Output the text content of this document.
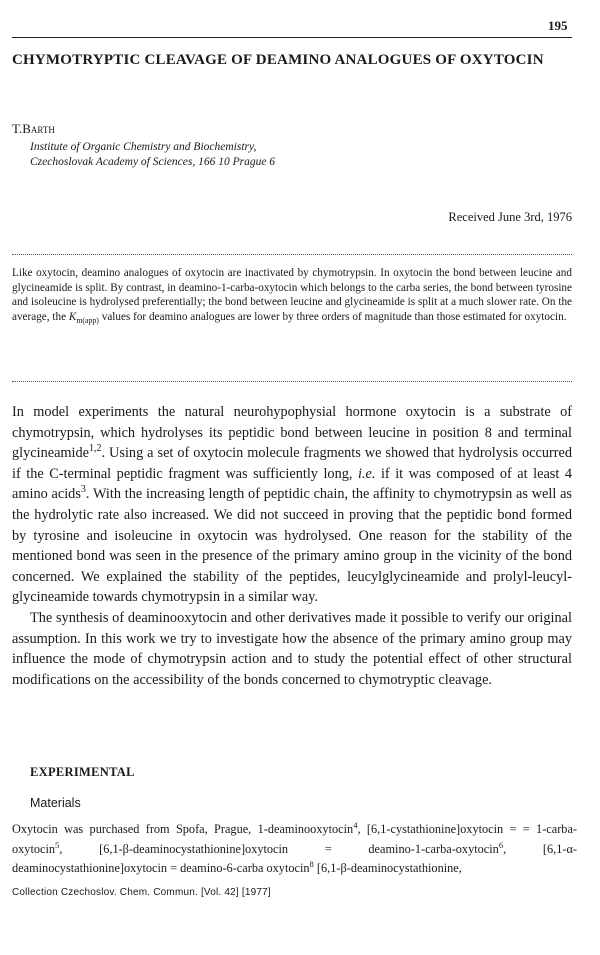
195
CHYMOTRYPTIC CLEAVAGE OF DEAMINO ANALOGUES OF OXYTOCIN
T.Barth
Institute of Organic Chemistry and Biochemistry,
Czechoslovak Academy of Sciences, 166 10 Prague 6
Received June 3rd, 1976

Like oxytocin, deamino analogues of oxytocin are inactivated by chymotrypsin. In oxytocin the bond between leucine and glycineamide is split. By contrast, in deamino-1-carba-oxytocin which belongs to the carba series, the bond between tyrosine and isoleucine is hydrolysed preferentially; the bond between leucine and glycineamide is split at a much slower rate. On the average, the $K_{m(app)}$ values for deamino analogues are lower by three orders of magnitude than those estimated for oxytocin.

In model experiments the natural neurohypophysial hormone oxytocin is a substrate of chymotrypsin, which hydrolyses its peptidic bond between leucine in position 8 and terminal glycineamide$^{1,2}$. Using a set of oxytocin molecule fragments we showed that hydrolysis occurred if the C-terminal peptidic fragment was sufficiently long, i.e. if it was composed of at least 4 amino acids$^3$. With the increasing length of peptidic chain, the affinity to chymotrypsin as well as the hydrolytic rate also increased. We did not succeed in proving that the peptidic bond formed by tyrosine and isoleucine in oxytocin was hydrolysed. One reason for the stability of the mentioned bond was seen in the presence of the primary amino group in the vicinity of the bond concerned. We explained the stability of the peptides, leucylglycineamide and prolyl-leucyl-glycineamide towards chymotrypsin in a similar way.

The synthesis of deaminooxytocin and other derivatives made it possible to verify our original assumption. In this work we try to investigate how the absence of the primary amino group may influence the mode of chymotrypsin action and to study the potential effect of other structural modifications on the accessibility of the bonds concerned to chymotryptic cleavage.

EXPERIMENTAL
Materials

Oxytocin was purchased from Spofa, Prague, 1-deaminooxytocin$^4$, [6,1-cystathionine]oxytocin = = 1-carba-oxytocin$^5$, [6,1-β-deaminocystathionine]oxytocin = deamino-1-carba-oxytocin$^6$, [6,1-α-deaminocystathionine]oxytocin = deamino-6-carba oxytocin$^8$ [6,1-β-deaminocystathionine,

Collection Czechoslov. Chem. Commun. [Vol. 42] [1977]
